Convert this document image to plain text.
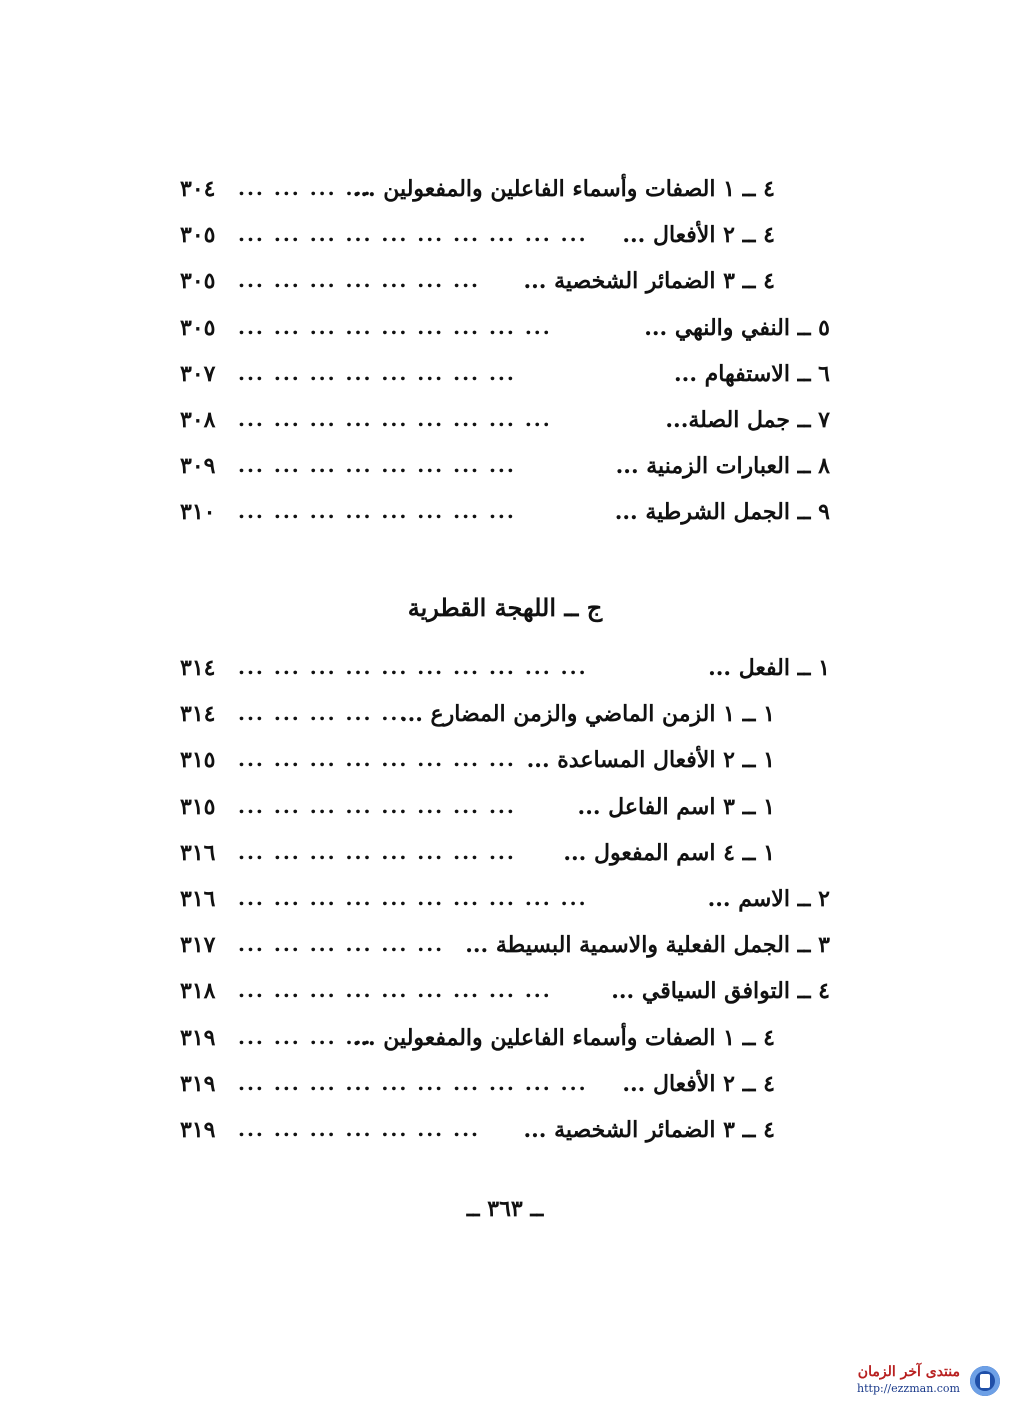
٤ ــ ١ الصفات وأسماء الفاعلين والمفعولين ...
... ... ... ...
٣٠٤
٤ ــ ٢ الأفعال ...
... ... ... ... ... ... ... ... ... ...
٣٠٥
٤ ــ ٣ الضمائر الشخصية ...
... ... ... ... ... ... ...
٣٠٥
٥ ــ النفي والنهي ...
... ... ... ... ... ... ... ... ...
٣٠٥
٦ ــ الاستفهام ...
... ... ... ... ... ... ... ...
٣٠٧
٧ ــ جمل الصلة...
... ... ... ... ... ... ... ... ...
٣٠٨
٨ ــ العبارات الزمنية ...
... ... ... ... ... ... ... ...
٣٠٩
٩ ــ الجمل الشرطية ...
... ... ... ... ... ... ... ...
٣١٠
ج ــ اللهجة القطرية
١ ــ الفعل ...
... ... ... ... ... ... ... ... ... ...
٣١٤
١ ــ ١ الزمن الماضي والزمن المضارع ...
... ... ... ... ...
٣١٤
١ ــ ٢ الأفعال المساعدة ...
... ... ... ... ... ... ... ...
٣١٥
١ ــ ٣ اسم الفاعل ...
... ... ... ... ... ... ... ...
٣١٥
١ ــ ٤ اسم المفعول ...
... ... ... ... ... ... ... ...
٣١٦
٢ ــ الاسم ...
... ... ... ... ... ... ... ... ... ...
٣١٦
٣ ــ الجمل الفعلية والاسمية البسيطة ...
... ... ... ... ... ...
٣١٧
٤ ــ التوافق السياقي ...
... ... ... ... ... ... ... ... ...
٣١٨
٤ ــ ١ الصفات وأسماء الفاعلين والمفعولين ...
... ... ... ...
٣١٩
٤ ــ ٢ الأفعال ...
... ... ... ... ... ... ... ... ... ...
٣١٩
٤ ــ ٣ الضمائر الشخصية ...
... ... ... ... ... ... ...
٣١٩
ــ ٣٦٣ ــ
منتدى آخر الزمان
http://ezzman.com
